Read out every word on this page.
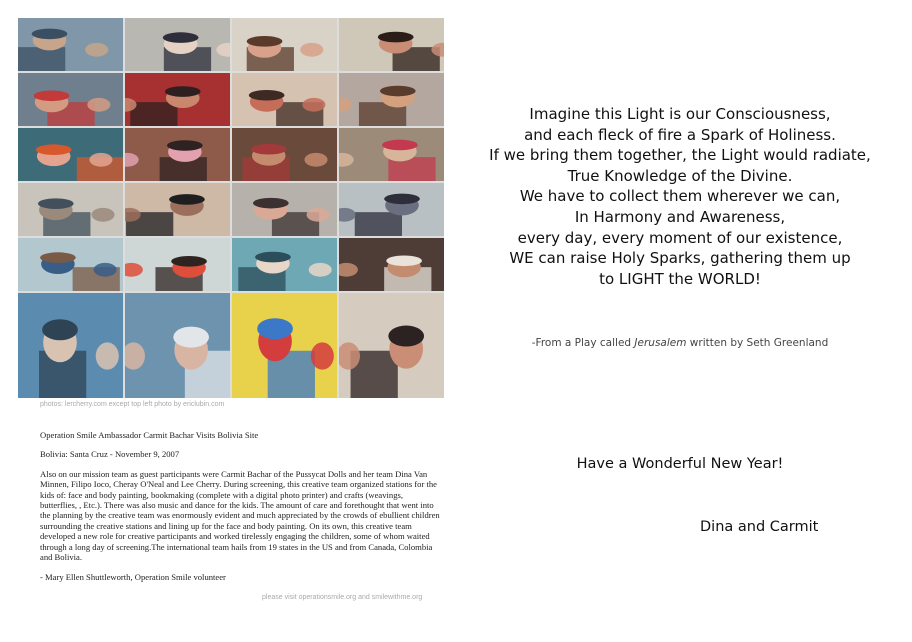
photos: lercherry.com except top left photo by ericlubin.com

Operation Smile Ambassador Carmit Bachar Visits Bolivia Site

Bolivia: Santa Cruz - November 9, 2007

Also on our mission team as guest participants were Carmit Bachar of the Pussycat Dolls and her team Dina Van Minnen, Filipo Ioco, Cheray O'Neal and Lee Cherry. During screening, this creative team organized stations for the kids of: face and body painting, bookmaking (complete with a digital photo printer) and crafts (weavings, butterflies, , Etc.). There was also music and dance for the kids. The amount of care and forethought that went into the planning by the creative team was enormously evident and much appreciated by the crowds of ebullient children surrounding the creative stations and lining up for the face and body painting. On its own, this creative team developed a new role for creative participants and worked tirelessly engaging the children, some of whom waited through a long day of screening.The international team hails from 19 states in the US and from Canada, Colombia and Bolivia.

- Mary Ellen Shuttleworth, Operation Smile volunteer

please visit operationsmile.org and smilewithme.org
Imagine this Light is our Consciousness,
and each fleck of fire a Spark of Holiness.
If we bring them together, the Light would radiate,
True Knowledge of the Divine.
We have to collect them wherever we can,
In Harmony and Awareness,
every day, every moment of our existence,
WE can raise Holy Sparks, gathering them up
to LIGHT the WORLD!
-From a Play called Jerusalem written by Seth Greenland
Have a Wonderful New Year!
Dina and Carmit
